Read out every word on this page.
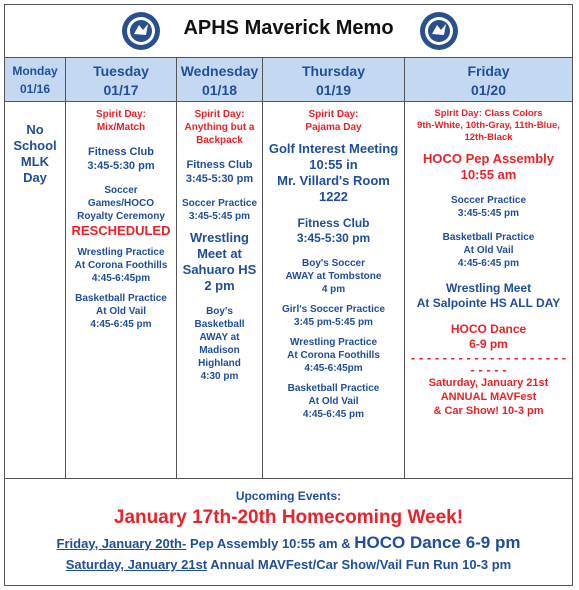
APHS Maverick Memo
Monday
01/16
No
School
MLK
Day
Tuesday
01/17
Spirit Day:
Mix/Match
Fitness Club
3:45-5:30 pm
Soccer
Games/HOCO
Royalty Ceremony
RESCHEDULED
Wrestling Practice
At Corona Foothills
4:45-6:45pm
Basketball Practice
At Old Vail
4:45-6:45 pm
Wednesday
01/18
Spirit Day:
Anything but a
Backpack
Fitness Club
3:45-5:30 pm
Soccer Practice
3:45-5:45 pm
Wrestling
Meet at
Sahuaro HS
2 pm
Boy's
Basketball
AWAY at
Madison
Highland
4:30 pm
Thursday
01/19
Spirit Day:
Pajama Day
Golf Interest Meeting
10:55 in
Mr. Villard's Room
1222
Fitness Club
3:45-5:30 pm
Boy's Soccer
AWAY at Tombstone
4 pm
Girl's Soccer Practice
3:45 pm-5:45 pm
Wrestling Practice
At Corona Foothills
4:45-6:45pm
Basketball Practice
At Old Vail
4:45-6:45 pm
Friday
01/20
Spirit Day: Class Colors
9th-White, 10th-Gray, 11th-Blue,
12th-Black
HOCO Pep Assembly
10:55 am
Soccer Practice
3:45-5:45 pm
Basketball Practice
At Old Vail
4:45-6:45 pm
Wrestling Meet
At Salpointe HS ALL DAY
HOCO Dance
6-9 pm
- - - - - - - - - - - - - - - - - - - - - - - - -
Saturday, January 21st
ANNUAL MAVFest
& Car Show! 10-3 pm
Upcoming Events:
January 17th-20th Homecoming Week!
Friday, January 20th- Pep Assembly 10:55 am & HOCO Dance 6-9 pm
Saturday, January 21st Annual MAVFest/Car Show/Vail Fun Run 10-3 pm
